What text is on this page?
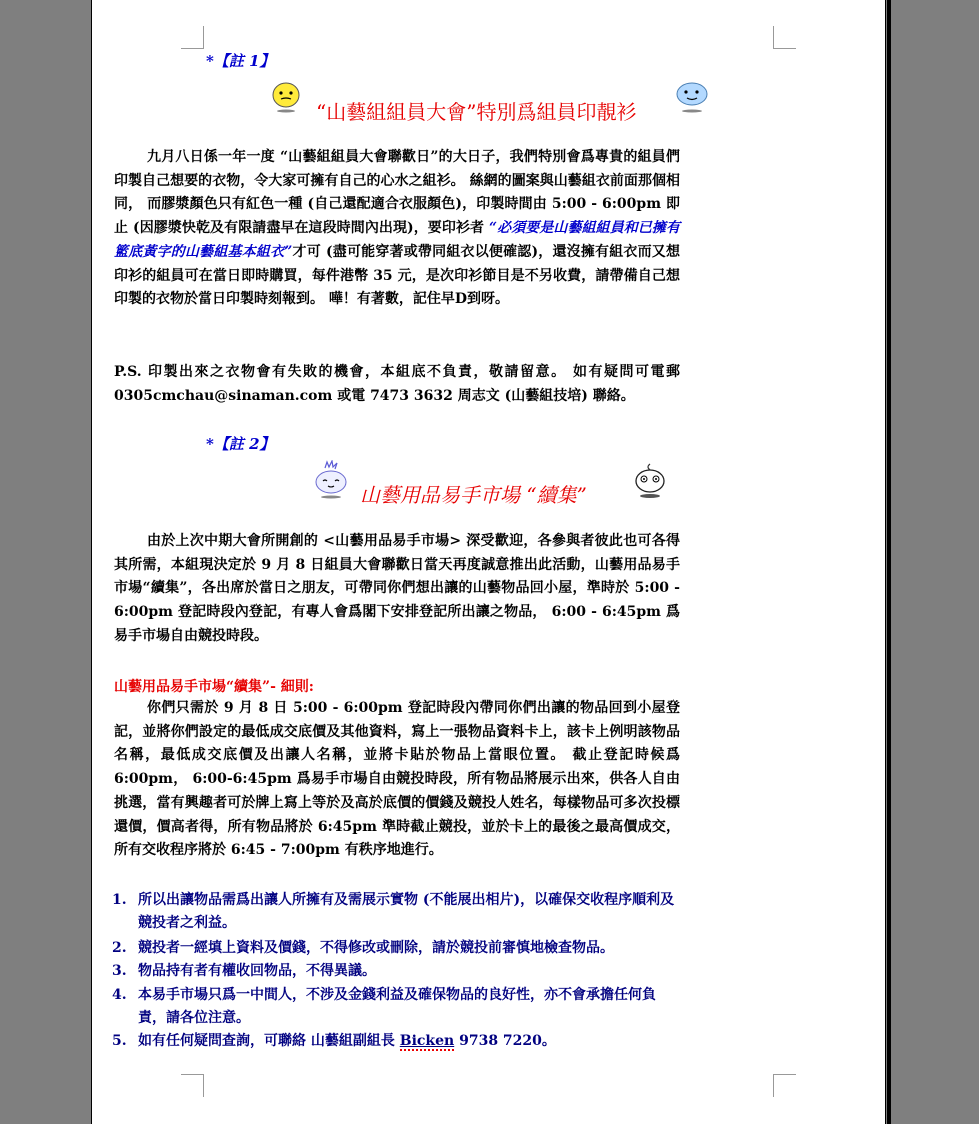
*【註 1】
“山藝組組員大會”特別爲組員印靚衫

九月八日係一年一度 “山藝組組員大會聯歡日”的大日子，我們特別會爲專貴的組員們印製自己想要的衣物，令大家可擁有自己的心水之組衫。 絲網的圖案與山藝組衣前面那個相同， 而膠漿顏色只有紅色一種 (自己還配適合衣服顏色)，印製時間由 5:00 - 6:00pm 即止 (因膠漿快乾及有限請盡早在這段時間內出現)，要印衫者 “必須要是山藝組組員和已擁有籃底黃字的山藝組基本組衣”才可 (盡可能穿著或帶同組衣以便確認)，還沒擁有組衣而又想印衫的組員可在當日即時購買，每件港幣 35 元，是次印衫節目是不另收費，請帶備自己想印製的衣物於當日印製時刻報到。 嘩！有著數，記住早D到呀。

P.S. 印製出來之衣物會有失敗的機會，本組底不負責，敬請留意。 如有疑問可電郵 0305cmchau@sinaman.com 或電 7473 3632 周志文 (山藝組技培) 聯絡。
*【註 2】
山藝用品易手市場 “續集”

由於上次中期大會所開創的 <山藝用品易手市場> 深受歡迎，各參與者彼此也可各得其所需，本組現決定於 9 月 8 日組員大會聯歡日當天再度誠意推出此活動，山藝用品易手市場“續集”，各出席於當日之朋友，可帶同你們想出讓的山藝物品回小屋，準時於 5:00 - 6:00pm 登記時段內登記，有專人會爲閣下安排登記所出讓之物品， 6:00 - 6:45pm 爲易手市場自由競投時段。

山藝用品易手市場“續集”- 細則:

你們只需於 9 月 8 日 5:00 - 6:00pm 登記時段內帶同你們出讓的物品回到小屋登記，並將你們設定的最低成交底價及其他資料，寫上一張物品資料卡上，該卡上例明該物品名稱，最低成交底價及出讓人名稱，並將卡貼於物品上當眼位置。 截止登記時候爲 6:00pm， 6:00-6:45pm 爲易手市場自由競投時段，所有物品將展示出來，供各人自由挑選，當有興趣者可於牌上寫上等於及高於底價的價錢及競投人姓名，每樣物品可多次投標還價，價高者得，所有物品將於 6:45pm 準時截止競投，並於卡上的最後之最高價成交，所有交收程序將於 6:45 - 7:00pm 有秩序地進行。

1. 所以出讓物品需爲出讓人所擁有及需展示實物 (不能展出相片)，以確保交收程序順利及競投者之利益。
2. 競投者一經填上資料及價錢，不得修改或刪除，請於競投前審慎地檢查物品。
3. 物品持有者有權收回物品，不得異議。
4. 本易手市場只爲一中間人，不涉及金錢利益及確保物品的良好性，亦不會承擔任何負責，請各位注意。
5. 如有任何疑問查詢，可聯絡 山藝組副組長 Bicken 9738 7220。
